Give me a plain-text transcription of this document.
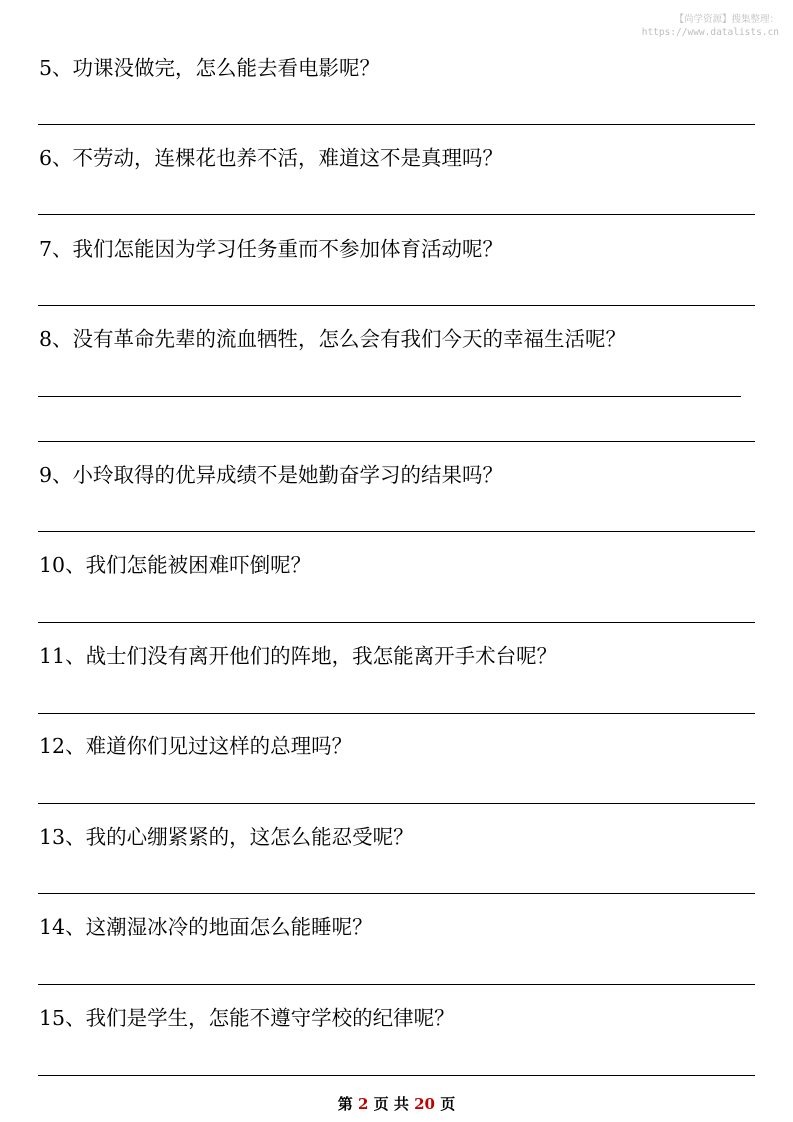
【尚学资源】搜集整理：
https://www.datalists.cn
5、功课没做完，怎么能去看电影呢？
6、不劳动，连棵花也养不活，难道这不是真理吗？
7、我们怎能因为学习任务重而不参加体育活动呢？
8、没有革命先辈的流血牺牲，怎么会有我们今天的幸福生活呢？
9、小玲取得的优异成绩不是她勤奋学习的结果吗？
10、我们怎能被困难吓倒呢？
11、战士们没有离开他们的阵地，我怎能离开手术台呢？
12、难道你们见过这样的总理吗？
13、我的心绷紧紧的，这怎么能忍受呢？
14、这潮湿冰冷的地面怎么能睡呢？
15、我们是学生，怎能不遵守学校的纪律呢？
第 2 页 共 20 页
